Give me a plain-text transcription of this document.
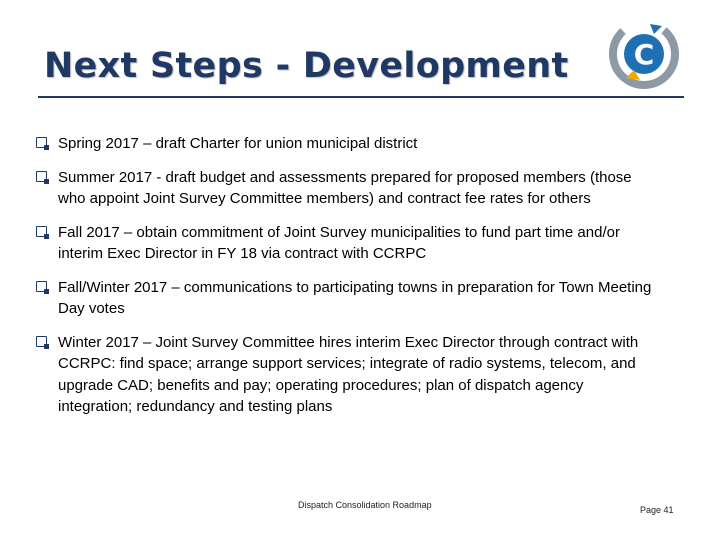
Next Steps - Development C
Spring 2017 – draft Charter for union municipal district
Summer 2017 - draft budget and assessments prepared for proposed members (those who appoint Joint Survey Committee members) and contract fee rates for others
Fall 2017 – obtain commitment of Joint Survey municipalities to fund part time and/or interim Exec Director in FY 18 via contract with CCRPC
Fall/Winter 2017 – communications to participating towns in preparation for Town Meeting Day votes
Winter 2017 – Joint Survey Committee hires interim Exec Director through contract with CCRPC: find space; arrange support services; integrate of radio systems, telecom, and upgrade CAD; benefits and pay; operating procedures; plan of dispatch agency integration; redundancy and testing plans
Dispatch Consolidation Roadmap	Page 41
